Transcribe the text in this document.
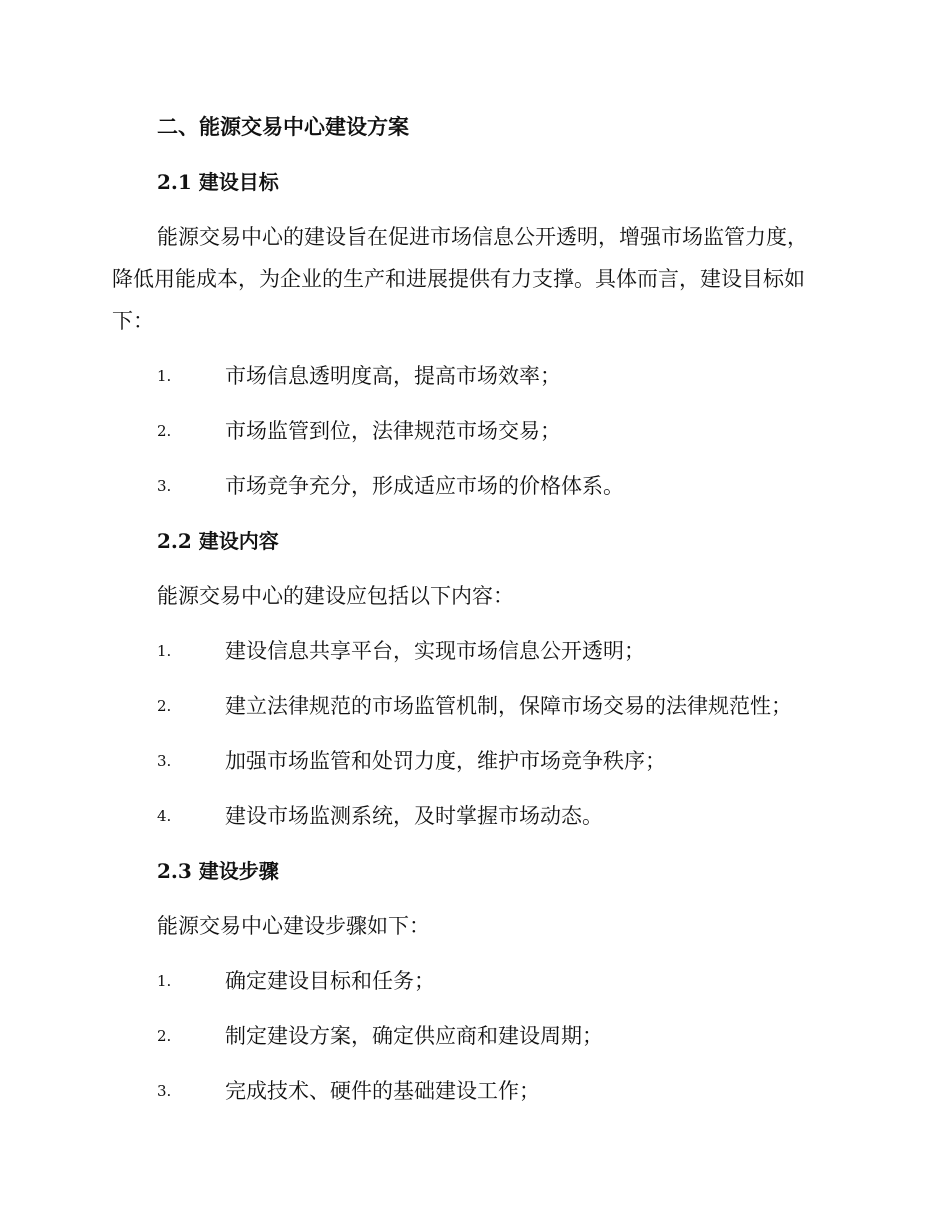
二、能源交易中心建设方案
2.1 建设目标
能源交易中心的建设旨在促进市场信息公开透明，增强市场监管力度，
降低用能成本，为企业的生产和进展提供有力支撑。具体而言，建设目标如
下：
1.	市场信息透明度高，提高市场效率；
2.	市场监管到位，法律规范市场交易；
3.	市场竞争充分，形成适应市场的价格体系。
2.2 建设内容
能源交易中心的建设应包括以下内容：
1.	建设信息共享平台，实现市场信息公开透明；
2.	建立法律规范的市场监管机制，保障市场交易的法律规范性；
3.	加强市场监管和处罚力度，维护市场竞争秩序；
4.	建设市场监测系统，及时掌握市场动态。
2.3 建设步骤
能源交易中心建设步骤如下：
1.	确定建设目标和任务；
2.	制定建设方案，确定供应商和建设周期；
3.	完成技术、硬件的基础建设工作；
